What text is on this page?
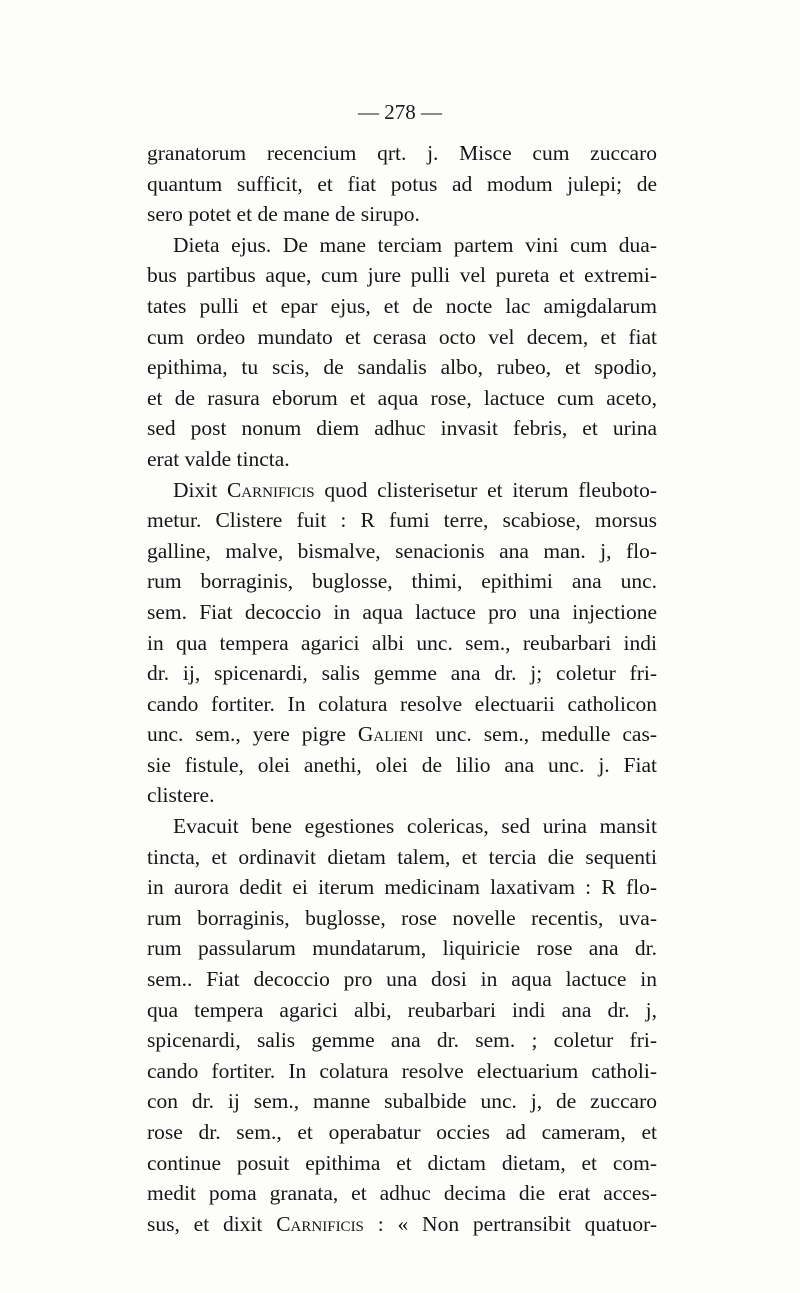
— 278 —
granatorum recencium qrt. j. Misce cum zuccaro
quantum sufficit, et fiat potus ad modum julepi; de
sero potet et de mane de sirupo.
Dieta ejus. De mane terciam partem vini cum dua-
bus partibus aque, cum jure pulli vel pureta et extremi-
tates pulli et epar ejus, et de nocte lac amigdalarum
cum ordeo mundato et cerasa octo vel decem, et fiat
epithima, tu scis, de sandalis albo, rubeo, et spodio,
et de rasura eborum et aqua rose, lactuce cum aceto,
sed post nonum diem adhuc invasit febris, et urina
erat valde tincta.
Dixit Carnificis quod clisterisetur et iterum fleuboto-
metur. Clistere fuit : R fumi terre, scabiose, morsus
galline, malve, bismalve, senacionis ana man. j, flo-
rum borraginis, buglosse, thimi, epithimi ana unc.
sem. Fiat decoccio in aqua lactuce pro una injectione
in qua tempera agarici albi unc. sem., reubarbari indi
dr. ij, spicenardi, salis gemme ana dr. j; coletur fri-
cando fortiter. In colatura resolve electuarii catholicon
unc. sem., yere pigre Galieni unc. sem., medulle cas-
sie fistule, olei anethi, olei de lilio ana unc. j. Fiat
clistere.
Evacuit bene egestiones colericas, sed urina mansit
tincta, et ordinavit dietam talem, et tercia die sequenti
in aurora dedit ei iterum medicinam laxativam : R flo-
rum borraginis, buglosse, rose novelle recentis, uva-
rum passularum mundatarum, liquiricie rose ana dr.
sem.. Fiat decoccio pro una dosi in aqua lactuce in
qua tempera agarici albi, reubarbari indi ana dr. j,
spicenardi, salis gemme ana dr. sem. ; coletur fri-
cando fortiter. In colatura resolve electuarium catholi-
con dr. ij sem., manne subalbide unc. j, de zuccaro
rose dr. sem., et operabatur occies ad cameram, et
continue posuit epithima et dictam dietam, et com-
medit poma granata, et adhuc decima die erat acces-
sus, et dixit Carnificis : « Non pertransibit quatuor-
